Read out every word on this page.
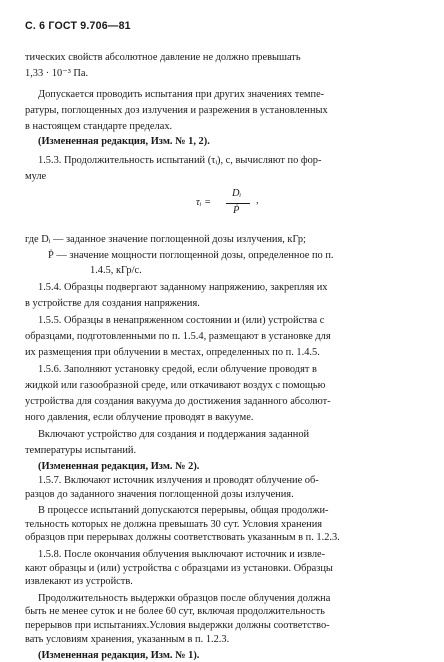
С. 6 ГОСТ 9.706—81
тических свойств абсолютное давление не должно превышать
1,33 · 10⁻³ Па.
Допускается проводить испытания при других значениях темпе-
ратуры, поглощенных доз излучения и разрежения в установленных
в настоящем стандарте пределах.
(Измененная редакция, Изм. № 1, 2).
1.5.3. Продолжительность испытаний (τᵢ), с, вычисляют по фор-
муле
τᵢ =
Dᵢ
Ṗ
,
где Dᵢ — заданное значение поглощенной дозы излучения, кГр;
Ṗ — значение мощности поглощенной дозы, определенное по п.
1.4.5, кГр/с.
1.5.4. Образцы подвергают заданному напряжению, закрепляя их
в устройстве для создания напряжения.
1.5.5. Образцы в ненапряженном состоянии и (или) устройства с
образцами, подготовленными по п. 1.5.4, размещают в установке для
их размещения при облучении в местах, определенных по п. 1.4.5.
1.5.6. Заполняют установку средой, если облучение проводят в
жидкой или газообразной среде, или откачивают воздух с помощью
устройства для создания вакуума до достижения заданного абсолют-
ного давления, если облучение проводят в вакууме.
Включают устройство для создания и поддержания заданной
температуры испытаний.
(Измененная редакция, Изм. № 2).
1.5.7. Включают источник излучения и проводят облучение об-
разцов до заданного значения поглощенной дозы излучения.
В процессе испытаний допускаются перерывы, общая продолжи-
тельность которых не должна превышать 30 сут. Условия хранения
образцов при перерывах должны соответствовать указанным в п. 1.2.3.
1.5.8. После окончания облучения выключают источник и извле-
кают образцы и (или) устройства с образцами из установки. Образцы
извлекают из устройств.
Продолжительность выдержки образцов после облучения должна
быть не менее суток и не более 60 сут, включая продолжительность
перерывов при испытаниях.Условия выдержки должны соответство-
вать условиям хранения, указанным в п. 1.2.3.
(Измененная редакция, Изм. № 1).
